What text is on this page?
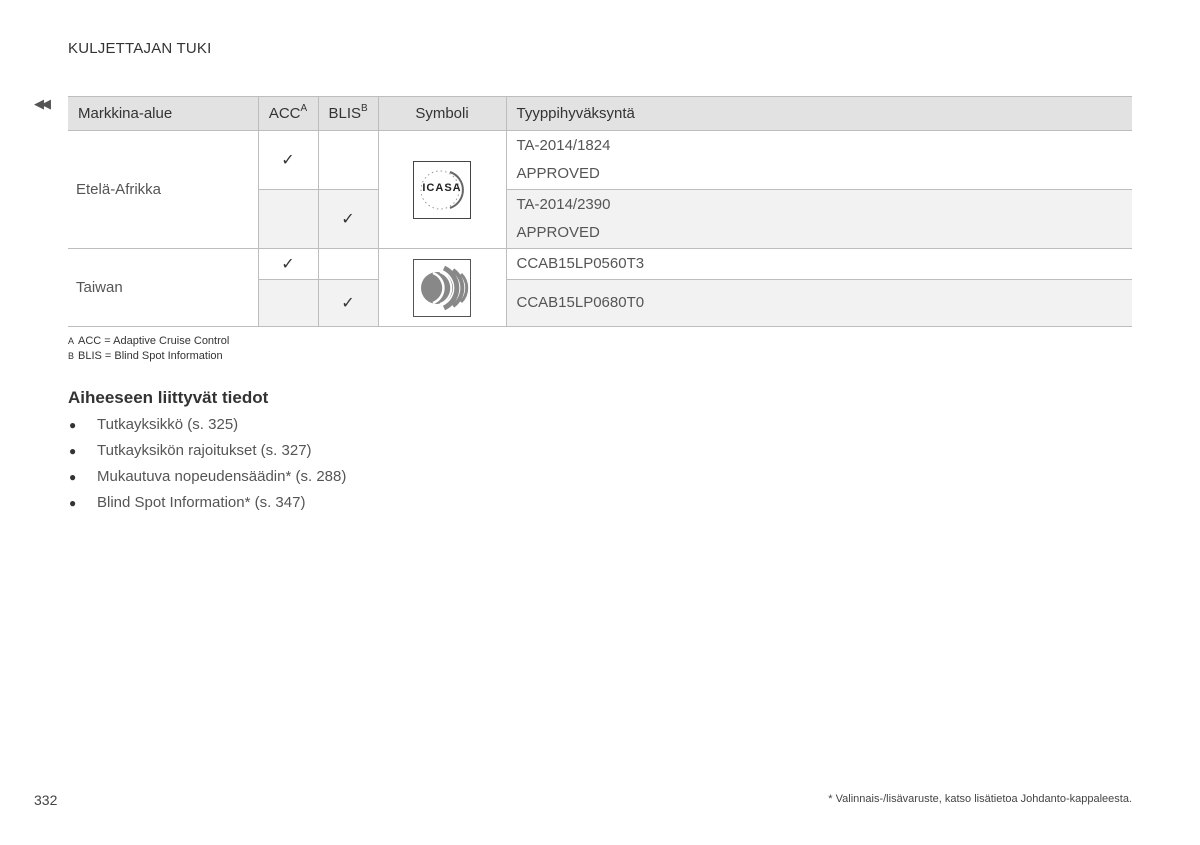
KULJETTAJAN TUKI
◀◀
Markkina-alue	$ACC^A$	$BLIS^B$	Symboli	Tyyppihyväksyntä
Etelä-Afrikka	✓		ICASA	TA-2014/1824
APPROVED

		✓		TA-2014/2390
APPROVED

Taiwan	✓			CCAB15LP0560T3

		✓		CCAB15LP0680T0
A ACC = Adaptive Cruise Control
B BLIS = Blind Spot Information
Aiheeseen liittyvät tiedot
● Tutkayksikkö (s. 325)
● Tutkayksikön rajoitukset (s. 327)
● Mukautuva nopeudensäädin* (s. 288)
● Blind Spot Information* (s. 347)
332	* Valinnais-/lisävaruste, katso lisätietoa Johdanto-kappaleesta.
